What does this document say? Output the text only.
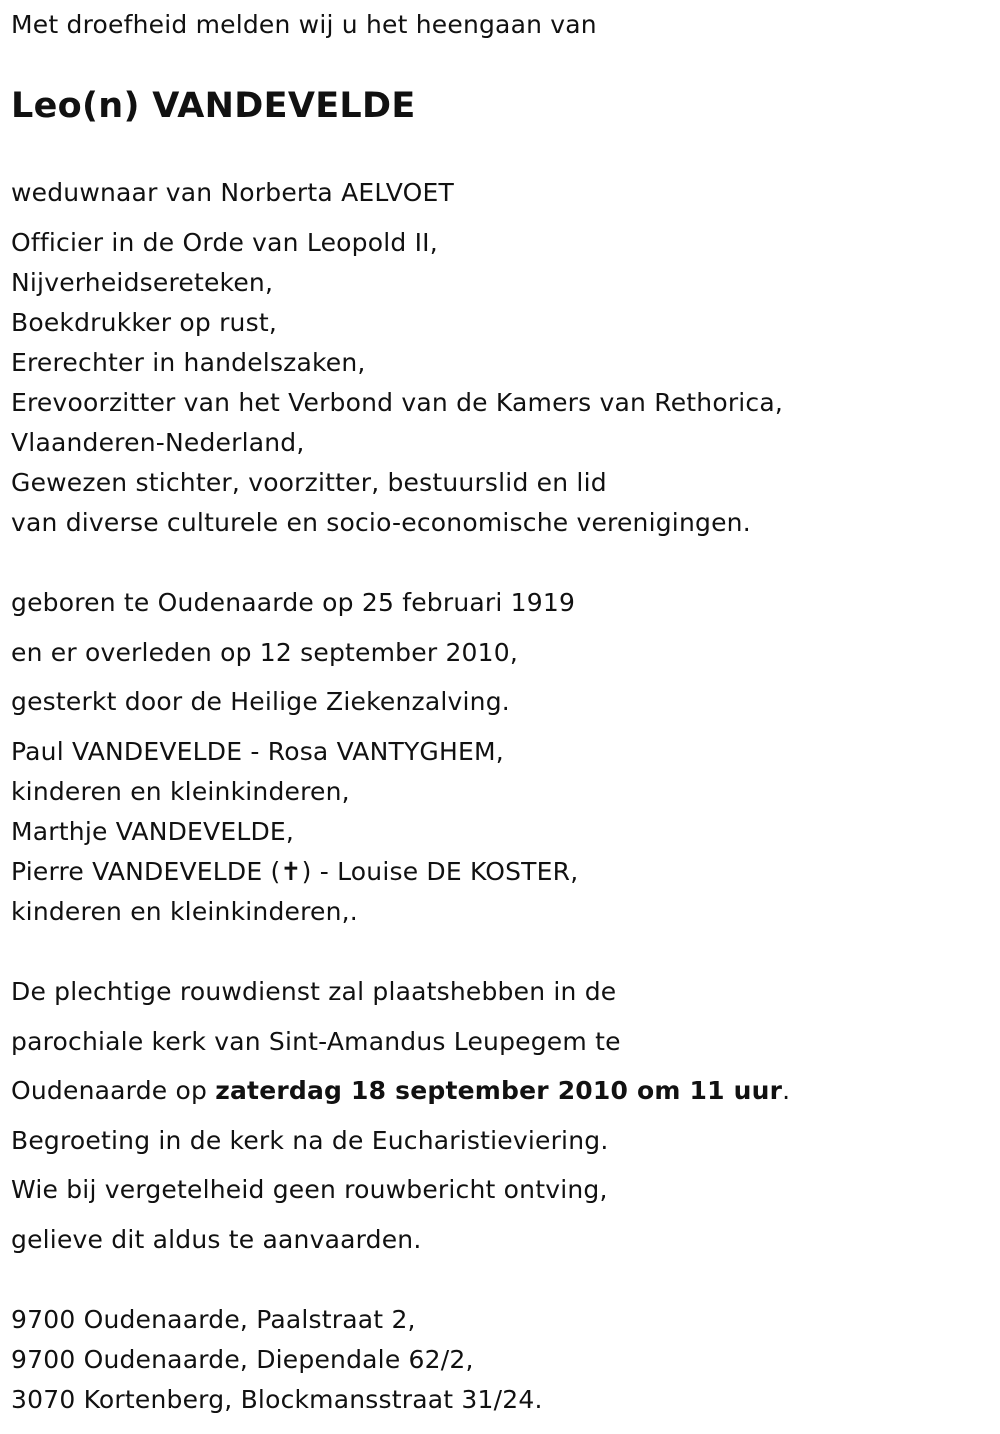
Met droefheid melden wij u het heengaan van
Leo(n) VANDEVELDE
weduwnaar van Norberta AELVOET
Officier in de Orde van Leopold II,
Nijverheidsereteken,
Boekdrukker op rust,
Ererechter in handelszaken,
Erevoorzitter van het Verbond van de Kamers van Rethorica,
Vlaanderen-Nederland,
Gewezen stichter, voorzitter, bestuurslid en lid
van diverse culturele en socio-economische verenigingen.
geboren te Oudenaarde op 25 februari 1919
en er overleden op 12 september 2010,
gesterkt door de Heilige Ziekenzalving.
Paul VANDEVELDE - Rosa VANTYGHEM,
kinderen en kleinkinderen,
Marthje VANDEVELDE,
Pierre VANDEVELDE (✝) - Louise DE KOSTER,
kinderen en kleinkinderen,.
De plechtige rouwdienst zal plaatshebben in de
parochiale kerk van Sint-Amandus Leupegem te
Oudenaarde op zaterdag 18 september 2010 om 11 uur.
Begroeting in de kerk na de Eucharistieviering.
Wie bij vergetelheid geen rouwbericht ontving,
gelieve dit aldus te aanvaarden.
9700 Oudenaarde, Paalstraat 2,
9700 Oudenaarde, Diependale 62/2,
3070 Kortenberg, Blockmansstraat 31/24.
